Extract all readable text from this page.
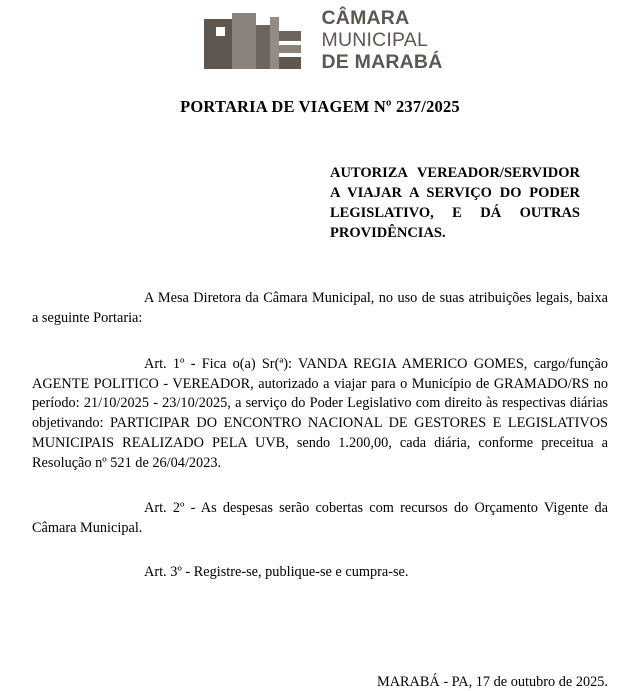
CÂMARA
MUNICIPAL
DE MARABÁ
PORTARIA DE VIAGEM Nº 237/2025
AUTORIZA VEREADOR/SERVIDOR A VIAJAR A SERVIÇO DO PODER LEGISLATIVO, E DÁ OUTRAS PROVIDÊNCIAS.
A Mesa Diretora da Câmara Municipal, no uso de suas atribuições legais, baixa a seguinte Portaria:
Art. 1º - Fica o(a) Sr(ª): VANDA REGIA AMERICO GOMES, cargo/função AGENTE POLITICO - VEREADOR, autorizado a viajar para o Município de GRAMADO/RS no período: 21/10/2025 - 23/10/2025, a serviço do Poder Legislativo com direito às respectivas diárias objetivando: PARTICIPAR DO ENCONTRO NACIONAL DE GESTORES E LEGISLATIVOS MUNICIPAIS REALIZADO PELA UVB, sendo 1.200,00, cada diária, conforme preceitua a Resolução nº 521 de 26/04/2023.
Art. 2º - As despesas serão cobertas com recursos do Orçamento Vigente da Câmara Municipal.
Art. 3º - Registre-se, publique-se e cumpra-se.
MARABÁ - PA, 17 de outubro de 2025.
